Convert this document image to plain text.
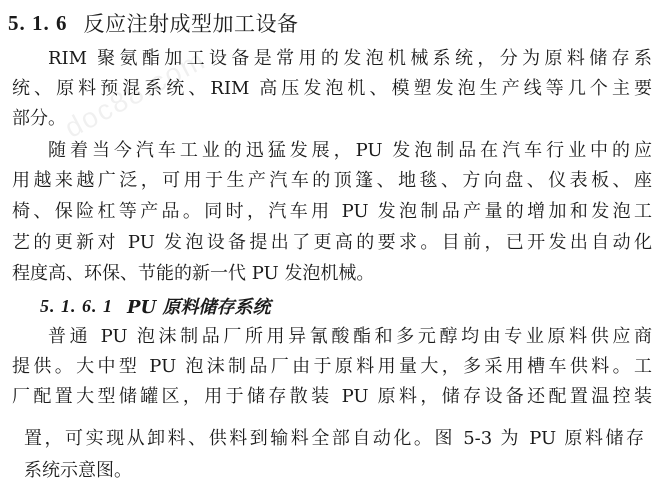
doc88.com
5. 1. 6 反应注射成型加工设备
RIM 聚氨酯加工设备是常用的发泡机械系统，分为原料储存系
统、原料预混系统、RIM 高压发泡机、模塑发泡生产线等几个主要
部分。
随着当今汽车工业的迅猛发展，PU 发泡制品在汽车行业中的应
用越来越广泛，可用于生产汽车的顶篷、地毯、方向盘、仪表板、座
椅、保险杠等产品。同时，汽车用 PU 发泡制品产量的增加和发泡工
艺的更新对 PU 发泡设备提出了更高的要求。目前，已开发出自动化
程度高、环保、节能的新一代 PU 发泡机械。
5. 1. 6. 1 PU 原料储存系统
普通 PU 泡沫制品厂所用异氰酸酯和多元醇均由专业原料供应商
提供。大中型 PU 泡沫制品厂由于原料用量大，多采用槽车供料。工
厂配置大型储罐区，用于储存散装 PU 原料，储存设备还配置温控装
置，可实现从卸料、供料到输料全部自动化。图 5-3 为 PU 原料储存
系统示意图。
